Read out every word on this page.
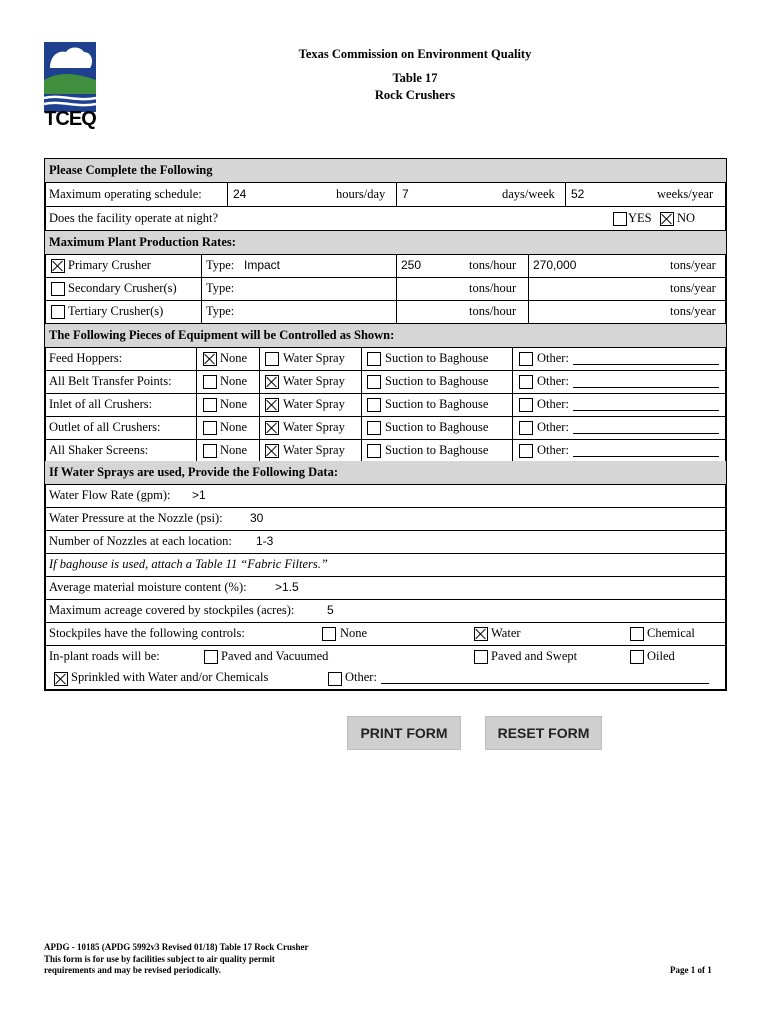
TCEQ
Texas Commission on Environment Quality
Table 17
Rock Crushers
Please Complete the Following
Maximum operating schedule:	24	hours/day 7	days/week 52	weeks/year
Does the facility operate at night?	YES NO
Maximum Plant Production Rates:
Primary Crusher	Type: Impact	250	tons/hour 270,000	tons/year
Secondary Crusher(s) Type:	tons/hour	tons/year
Tertiary Crusher(s)	Type:	tons/hour	tons/year
The Following Pieces of Equipment will be Controlled as Shown:
Feed Hoppers:	None	Water Spray	Suction to Baghouse	Other:
All Belt Transfer Points:	None	Water Spray	Suction to Baghouse	Other:
Inlet of all Crushers:	None	Water Spray	Suction to Baghouse	Other:
Outlet of all Crushers:	None	Water Spray	Suction to Baghouse	Other:
All Shaker Screens:	None	Water Spray	Suction to Baghouse	Other:
If Water Sprays are used, Provide the Following Data:
Water Flow Rate (gpm): >1
Water Pressure at the Nozzle (psi): 30
Number of Nozzles at each location: 1-3
If baghouse is used, attach a Table 11 “Fabric Filters.”
Average material moisture content (%): >1.5
Maximum acreage covered by stockpiles (acres):	5
Stockpiles have the following controls:	None	Water	Chemical
In-plant roads will be:	Paved and Vacuumed	Paved and Swept	Oiled
Sprinkled with Water and/or Chemicals	Other:
PRINT FORM	RESET FORM
APDG - 10185 (APDG 5992v3 Revised 01/18) Table 17 Rock Crusher
This form is for use by facilities subject to air quality permit
requirements and may be revised periodically.	Page 1 of 1
